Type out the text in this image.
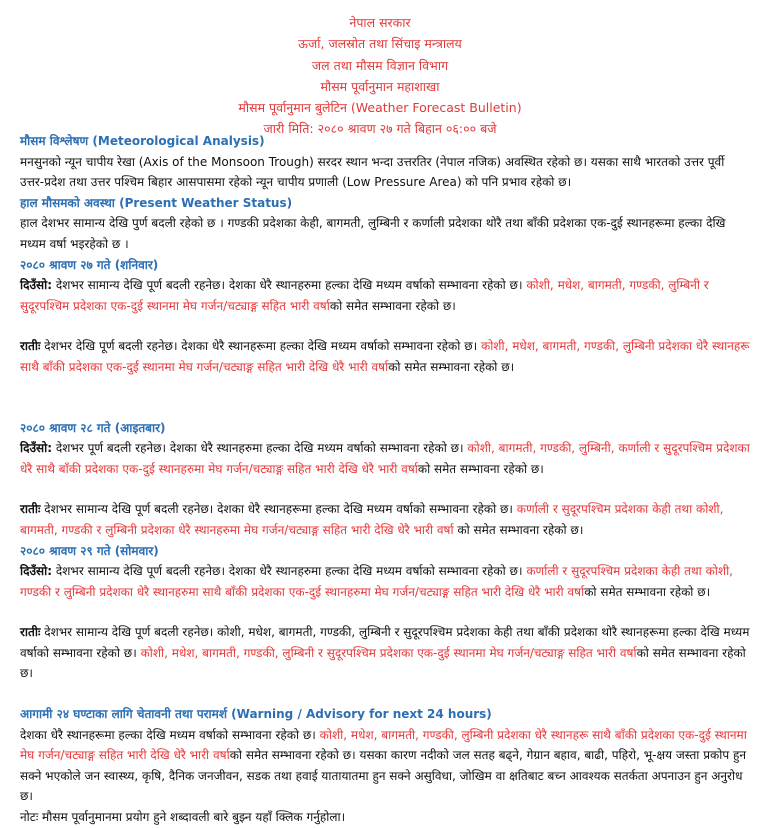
नेपाल सरकार
ऊर्जा, जलस्रोत तथा सिंचाइ मन्त्रालय
जल तथा मौसम विज्ञान विभाग
मौसम पूर्वानुमान महाशाखा
मौसम पूर्वानुमान बुलेटिन (Weather Forecast Bulletin)
जारी मिति: २०८० श्रावण २७ गते बिहान ०६:०० बजे
मौसम विश्लेषण (Meteorological Analysis)

मनसुनको न्यून चापीय रेखा (Axis of the Monsoon Trough) सरदर स्थान भन्दा उत्तरतिर (नेपाल नजिक) अवस्थित रहेको छ। यसका साथै भारतको उत्तर पूर्वी उत्तर-प्रदेश तथा उत्तर पश्चिम बिहार आसपासमा रहेको न्यून चापीय प्रणाली (Low Pressure Area) को पनि प्रभाव रहेको छ।

हाल मौसमको अवस्था (Present Weather Status)

हाल देशभर सामान्य देखि पुर्ण बदली रहेको छ । गण्डकी प्रदेशका केही, बागमती, लुम्बिनी र कर्णाली प्रदेशका थोरै तथा बाँकी प्रदेशका एक-दुई स्थानहरूमा हल्का देखि मध्यम वर्षा भइरहेको छ ।

२०८० श्रावण २७ गते (शनिवार)

दिउँसो: देशभर सामान्य देखि पूर्ण बदली रहनेछ। देशका धेरै स्थानहरुमा हल्का देखि मध्यम वर्षाको सम्भावना रहेको छ। कोशी, मधेश, बागमती, गण्डकी, लुम्बिनी र सुदूरपश्चिम प्रदेशका एक-दुई स्थानमा मेघ गर्जन/चट्याङ्ग सहित भारी वर्षाको समेत सम्भावना रहेको छ।

रातीः देशभर देखि पूर्ण बदली रहनेछ। देशका धेरै स्थानहरूमा हल्का देखि मध्यम वर्षाको सम्भावना रहेको छ। कोशी, मधेश, बागमती, गण्डकी, लुम्बिनी प्रदेशका धेरै स्थानहरू साथै बाँकी प्रदेशका एक-दुई स्थानमा मेघ गर्जन/चट्याङ्ग सहित भारी देखि धेरै भारी वर्षाको समेत सम्भावना रहेको छ।

२०८० श्रावण २८ गते (आइतबार)

दिउँसो: देशभर पूर्ण बदली रहनेछ। देशका धेरै स्थानहरुमा हल्का देखि मध्यम वर्षाको सम्भावना रहेको छ। कोशी, बागमती, गण्डकी, लुम्बिनी, कर्णाली र सुदूरपश्चिम प्रदेशका धेरै साथै बाँकी प्रदेशका एक-दुई स्थानहरुमा मेघ गर्जन/चट्याङ्ग सहित भारी देखि धेरै भारी वर्षाको समेत सम्भावना रहेको छ।

रातीः देशभर सामान्य देखि पूर्ण बदली रहनेछ। देशका धेरै स्थानहरूमा हल्का देखि मध्यम वर्षाको सम्भावना रहेको छ। कर्णाली र सुदूरपश्चिम प्रदेशका केही तथा कोशी, बागमती, गण्डकी र लुम्बिनी प्रदेशका धेरै स्थानहरुमा मेघ गर्जन/चट्याङ्ग सहित भारी देखि धेरै भारी वर्षा को समेत सम्भावना रहेको छ।

२०८० श्रावण २९ गते (सोमवार)

दिउँसो: देशभर सामान्य देखि पूर्ण बदली रहनेछ। देशका धेरै स्थानहरुमा हल्का देखि मध्यम वर्षाको सम्भावना रहेको छ। कर्णाली र सुदूरपश्चिम प्रदेशका केही तथा कोशी, गण्डकी र लुम्बिनी प्रदेशका धेरै स्थानहरुमा साथै बाँकी प्रदेशका एक-दुई स्थानहरुमा मेघ गर्जन/चट्याङ्ग सहित भारी देखि धेरै भारी वर्षाको समेत सम्भावना रहेको छ।

रातीः देशभर सामान्य देखि पूर्ण बदली रहनेछ। कोशी, मधेश, बागमती, गण्डकी, लुम्बिनी र सुदूरपश्चिम प्रदेशका केही तथा बाँकी प्रदेशका थोरै स्थानहरूमा हल्का देखि मध्यम वर्षाको सम्भावना रहेको छ। कोशी, मधेश, बागमती, गण्डकी, लुम्बिनी र सुदूरपश्चिम प्रदेशका एक-दुई स्थानमा मेघ गर्जन/चट्याङ्ग सहित भारी वर्षाको समेत सम्भावना रहेको छ।

आगामी २४ घण्टाका लागि चेतावनी तथा परामर्श (Warning / Advisory for next 24 hours)

देशका धेरै स्थानहरूमा हल्का देखि मध्यम वर्षाको सम्भावना रहेको छ। कोशी, मधेश, बागमती, गण्डकी, लुम्बिनी प्रदेशका धेरै स्थानहरू साथै बाँकी प्रदेशका एक-दुई स्थानमा मेघ गर्जन/चट्याङ्ग सहित भारी देखि धेरै भारी वर्षाको समेत सम्भावना रहेको छ। यसका कारण नदीको जल सतह बढ्ने, गेग्रान बहाव, बाढी, पहिरो, भू-क्षय जस्ता प्रकोप हुन सक्ने भएकोले जन स्वास्थ्य, कृषि, दैनिक जनजीवन, सडक तथा हवाई यातायातमा हुन सक्ने असुविधा, जोखिम वा क्षतिबाट बच्न आवश्यक सतर्कता अपनाउन हुन अनुरोध छ।

नोटः मौसम पूर्वानुमानमा प्रयोग हुने शब्दावली बारे बुझ्न यहाँ क्लिक गर्नुहोला।
